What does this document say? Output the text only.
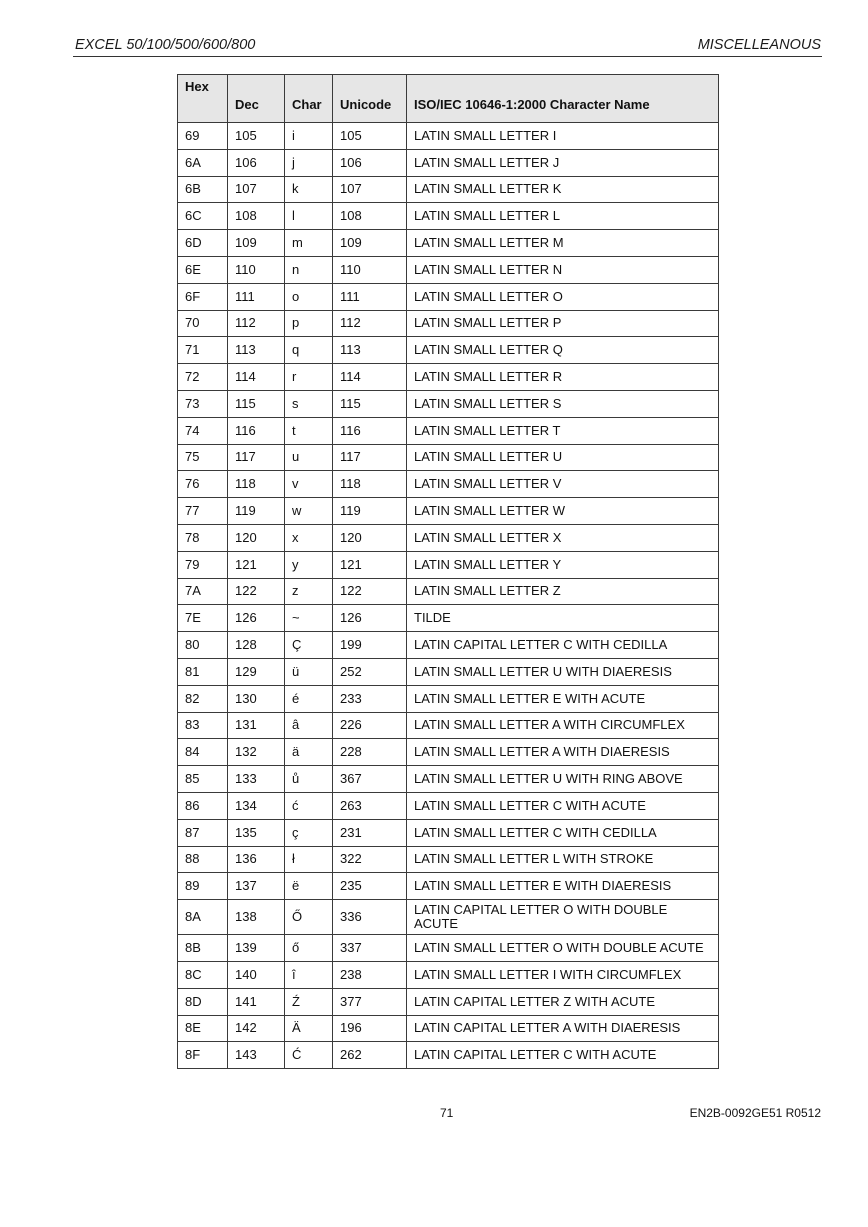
EXCEL 50/100/500/600/800	MISCELLEANOUS
Hex	Dec	Char	Unicode	ISO/IEC 10646-1:2000 Character Name
69	105	i	105	LATIN SMALL LETTER I
6A	106	j	106	LATIN SMALL LETTER J
6B	107	k	107	LATIN SMALL LETTER K
6C	108	l	108	LATIN SMALL LETTER L
6D	109	m	109	LATIN SMALL LETTER M
6E	110	n	110	LATIN SMALL LETTER N
6F	111	o	111	LATIN SMALL LETTER O
70	112	p	112	LATIN SMALL LETTER P
71	113	q	113	LATIN SMALL LETTER Q
72	114	r	114	LATIN SMALL LETTER R
73	115	s	115	LATIN SMALL LETTER S
74	116	t	116	LATIN SMALL LETTER T
75	117	u	117	LATIN SMALL LETTER U
76	118	v	118	LATIN SMALL LETTER V
77	119	w	119	LATIN SMALL LETTER W
78	120	x	120	LATIN SMALL LETTER X
79	121	y	121	LATIN SMALL LETTER Y
7A	122	z	122	LATIN SMALL LETTER Z
7E	126	~	126	TILDE
80	128	Ç	199	LATIN CAPITAL LETTER C WITH CEDILLA
81	129	ü	252	LATIN SMALL LETTER U WITH DIAERESIS
82	130	é	233	LATIN SMALL LETTER E WITH ACUTE
83	131	â	226	LATIN SMALL LETTER A WITH CIRCUMFLEX
84	132	ä	228	LATIN SMALL LETTER A WITH DIAERESIS
85	133	ů	367	LATIN SMALL LETTER U WITH RING ABOVE
86	134	ć	263	LATIN SMALL LETTER C WITH ACUTE
87	135	ç	231	LATIN SMALL LETTER C WITH CEDILLA
88	136	ł	322	LATIN SMALL LETTER L WITH STROKE
89	137	ë	235	LATIN SMALL LETTER E WITH DIAERESIS
8A	138	Ő	336	LATIN CAPITAL LETTER O WITH DOUBLE ACUTE
8B	139	ő	337	LATIN SMALL LETTER O WITH DOUBLE ACUTE
8C	140	î	238	LATIN SMALL LETTER I WITH CIRCUMFLEX
8D	141	Ź	377	LATIN CAPITAL LETTER Z WITH ACUTE
8E	142	Ä	196	LATIN CAPITAL LETTER A WITH DIAERESIS
8F	143	Ć	262	LATIN CAPITAL LETTER C WITH ACUTE
71	EN2B-0092GE51 R0512
